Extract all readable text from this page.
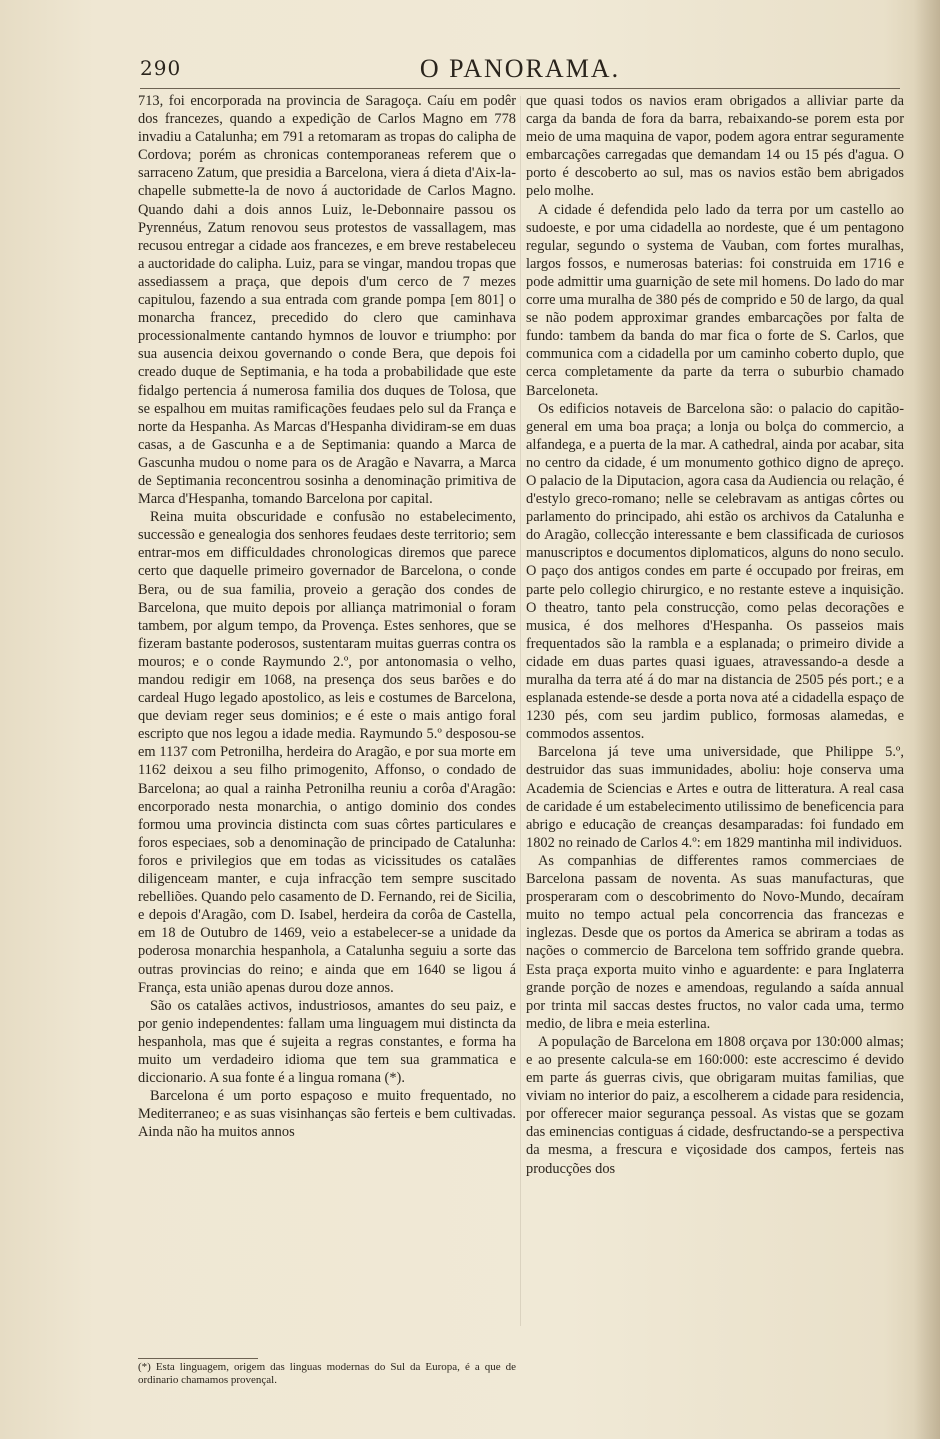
O PANORAMA.
290

713, foi encorporada na provincia de Saragoça. Caíu em podêr dos francezes, quando a expedição de Carlos Magno em 778 invadiu a Catalunha; em 791 a retomaram as tropas do calipha de Cordova; porém as chronicas contemporaneas referem que o sarraceno Zatum, que presidia a Barcelona, viera á dieta d'Aix-la-chapelle submette-la de novo á auctoridade de Carlos Magno. Quando dahi a dois annos Luiz, le-Debonnaire passou os Pyrennéus, Zatum renovou seus protestos de vassallagem, mas recusou entregar a cidade aos francezes, e em breve restabeleceu a auctoridade do calipha. Luiz, para se vingar, mandou tropas que assediassem a praça, que depois d'um cerco de 7 mezes capitulou, fazendo a sua entrada com grande pompa [em 801] o monarcha francez, precedido do clero que caminhava processionalmente cantando hymnos de louvor e triumpho: por sua ausencia deixou governando o conde Bera, que depois foi creado duque de Septimania, e ha toda a probabilidade que este fidalgo pertencia á numerosa familia dos duques de Tolosa, que se espalhou em muitas ramificações feudaes pelo sul da França e norte da Hespanha. As Marcas d'Hespanha dividiram-se em duas casas, a de Gascunha e a de Septimania: quando a Marca de Gascunha mudou o nome para os de Aragão e Navarra, a Marca de Septimania reconcentrou sosinha a denominação primitiva de Marca d'Hespanha, tomando Barcelona por capital.

Reina muita obscuridade e confusão no estabelecimento, successão e genealogia dos senhores feudaes deste territorio; sem entrar-mos em difficuldades chronologicas diremos que parece certo que daquelle primeiro governador de Barcelona, o conde Bera, ou de sua familia, proveio a geração dos condes de Barcelona, que muito depois por alliança matrimonial o foram tambem, por algum tempo, da Provença. Estes senhores, que se fizeram bastante poderosos, sustentaram muitas guerras contra os mouros; e o conde Raymundo 2.º, por antonomasia o velho, mandou redigir em 1068, na presença dos seus barões e do cardeal Hugo legado apostolico, as leis e costumes de Barcelona, que deviam reger seus dominios; e é este o mais antigo foral escripto que nos legou a idade media. Raymundo 5.º desposou-se em 1137 com Petronilha, herdeira do Aragão, e por sua morte em 1162 deixou a seu filho primogenito, Affonso, o condado de Barcelona; ao qual a rainha Petronilha reuniu a corôa d'Aragão: encorporado nesta monarchia, o antigo dominio dos condes formou uma provincia distincta com suas côrtes particulares e foros especiaes, sob a denominação de principado de Catalunha: foros e privilegios que em todas as vicissitudes os catalães diligenceam manter, e cuja infracção tem sempre suscitado rebelliões. Quando pelo casamento de D. Fernando, rei de Sicilia, e depois d'Aragão, com D. Isabel, herdeira da corôa de Castella, em 18 de Outubro de 1469, veio a estabelecer-se a unidade da poderosa monarchia hespanhola, a Catalunha seguiu a sorte das outras provincias do reino; e ainda que em 1640 se ligou á França, esta união apenas durou doze annos.

São os catalães activos, industriosos, amantes do seu paiz, e por genio independentes: fallam uma linguagem mui distincta da hespanhola, mas que é sujeita a regras constantes, e forma ha muito um verdadeiro idioma que tem sua grammatica e diccionario. A sua fonte é a lingua romana (*).

Barcelona é um porto espaçoso e muito frequentado, no Mediterraneo; e as suas visinhanças são ferteis e bem cultivadas. Ainda não ha muitos annos

que quasi todos os navios eram obrigados a alliviar parte da carga da banda de fora da barra, rebaixando-se porem esta por meio de uma maquina de vapor, podem agora entrar seguramente embarcações carregadas que demandam 14 ou 15 pés d'agua. O porto é descoberto ao sul, mas os navios estão bem abrigados pelo molhe.

A cidade é defendida pelo lado da terra por um castello ao sudoeste, e por uma cidadella ao nordeste, que é um pentagono regular, segundo o systema de Vauban, com fortes muralhas, largos fossos, e numerosas baterias: foi construida em 1716 e pode admittir uma guarnição de sete mil homens. Do lado do mar corre uma muralha de 380 pés de comprido e 50 de largo, da qual se não podem approximar grandes embarcações por falta de fundo: tambem da banda do mar fica o forte de S. Carlos, que communica com a cidadella por um caminho coberto duplo, que cerca completamente da parte da terra o suburbio chamado Barceloneta.

Os edificios notaveis de Barcelona são: o palacio do capitão-general em uma boa praça; a lonja ou bolça do commercio, a alfandega, e a puerta de la mar. A cathedral, ainda por acabar, sita no centro da cidade, é um monumento gothico digno de apreço. O palacio de la Diputacion, agora casa da Audiencia ou relação, é d'estylo greco-romano; nelle se celebravam as antigas côrtes ou parlamento do principado, ahi estão os archivos da Catalunha e do Aragão, collecção interessante e bem classificada de curiosos manuscriptos e documentos diplomaticos, alguns do nono seculo. O paço dos antigos condes em parte é occupado por freiras, em parte pelo collegio chirurgico, e no restante esteve a inquisição. O theatro, tanto pela construcção, como pelas decorações e musica, é dos melhores d'Hespanha. Os passeios mais frequentados são la rambla e a esplanada; o primeiro divide a cidade em duas partes quasi iguaes, atravessando-a desde a muralha da terra até á do mar na distancia de 2505 pés port.; e a esplanada estende-se desde a porta nova até a cidadella espaço de 1230 pés, com seu jardim publico, formosas alamedas, e commodos assentos.

Barcelona já teve uma universidade, que Philippe 5.º, destruidor das suas immunidades, aboliu: hoje conserva uma Academia de Sciencias e Artes e outra de litteratura. A real casa de caridade é um estabelecimento utilissimo de beneficencia para abrigo e educação de creanças desamparadas: foi fundado em 1802 no reinado de Carlos 4.º: em 1829 mantinha mil individuos.

As companhias de differentes ramos commerciaes de Barcelona passam de noventa. As suas manufacturas, que prosperaram com o descobrimento do Novo-Mundo, decaíram muito no tempo actual pela concorrencia das francezas e inglezas. Desde que os portos da America se abriram a todas as nações o commercio de Barcelona tem soffrido grande quebra. Esta praça exporta muito vinho e aguardente: e para Inglaterra grande porção de nozes e amendoas, regulando a saída annual por trinta mil saccas destes fructos, no valor cada uma, termo medio, de libra e meia esterlina.

A população de Barcelona em 1808 orçava por 130:000 almas; e ao presente calcula-se em 160:000: este accrescimo é devido em parte ás guerras civis, que obrigaram muitas familias, que viviam no interior do paiz, a escolherem a cidade para residencia, por offerecer maior segurança pessoal. As vistas que se gozam das eminencias contiguas á cidade, desfructando-se a perspectiva da mesma, a frescura e viçosidade dos campos, ferteis nas producções dos

(*) Esta linguagem, origem das linguas modernas do Sul da Europa, é a que de ordinario chamamos provençal.
